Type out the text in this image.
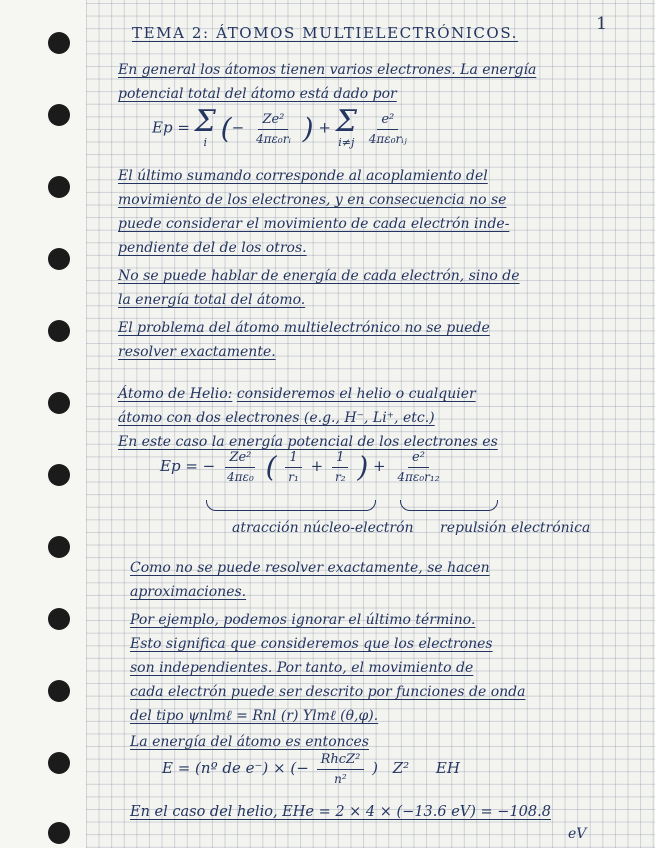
1
TEMA 2: ÁTOMOS MULTIELECTRÓNICOS.
En general los átomos tienen varios electrones. La energía
potencial total del átomo está dado por
Ep = Σ
i (− $\frac{\text{Ze²}}{\text{4πε₀rᵢ}}$ ) + Σ
i≠j
$\frac{\text{e²}}{\text{4πε₀rᵢⱼ}}$
El último sumando corresponde al acoplamiento del
movimiento de los electrones, y en consecuencia no se
puede considerar el movimiento de cada electrón inde-
pendiente del de los otros.
No se puede hablar de energía de cada electrón, sino de
la energía total del átomo.
El problema del átomo multielectrónico no se puede
resolver exactamente.
Átomo de Helio: consideremos el helio o cualquier
átomo con dos electrones (e.g., H⁻, Li⁺, etc.)
En este caso la energía potencial de los electrones es
Ep = − $\frac{\text{Ze²}}{\text{4πε₀}}$ ( $\frac{1}{\text{r₁}} + \frac{1}{\text{r₂}}$ ) + $\frac{\text{e²}}{\text{4πε₀r₁₂}}$
atracción núcleo-electrón repulsión electrónica
Como no se puede resolver exactamente, se hacen
aproximaciones.
Por ejemplo, podemos ignorar el último término.
Esto significa que consideremos que los electrones
son independientes. Por tanto, el movimiento de
cada electrón puede ser descrito por funciones de onda
del tipo ψnlmℓ = Rnl (r) Ylmℓ (θ,φ).
La energía del átomo es entonces
E = (nº de e⁻) × (− $\frac{\text{RhcZ²}}{\text{n²}}$ ) Z² EH
En el caso del helio, EHe = 2 × 4 × (−13.6 eV) = −108.8
eV
